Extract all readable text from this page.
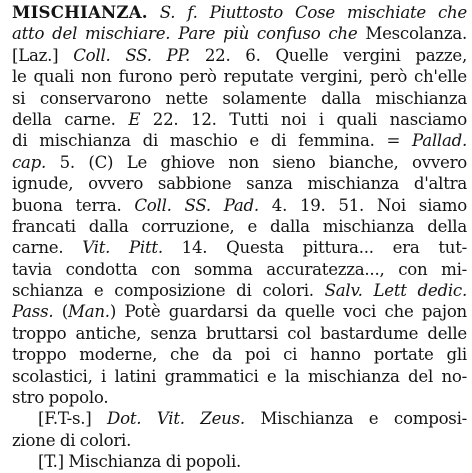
MISCHIANZA. S. f. Piuttosto Cose mischiate che
atto del mischiare. Pare più confuso che Mescolanza.
[Laz.] Coll. SS. PP. 22. 6. Quelle vergini pazze,
le quali non furono però reputate vergini, però ch'elle
si conservarono nette solamente dalla mischianza
della carne. E 22. 12. Tutti noi i quali nasciamo
di mischianza di maschio e di femmina. = Pallad.
cap. 5. (C) Le ghiove non sieno bianche, ovvero
ignude, ovvero sabbione sanza mischianza d'altra
buona terra. Coll. SS. Pad. 4. 19. 51. Noi siamo
francati dalla corruzione, e dalla mischianza della
carne. Vit. Pitt. 14. Questa pittura... era tut-
tavia condotta con somma accuratezza..., con mi-
schianza e composizione di colori. Salv. Lett dedic.
Pass. (Man.) Potè guardarsi da quelle voci che pajon
troppo antiche, senza bruttarsi col bastardume delle
troppo moderne, che da poi ci hanno portate gli
scolastici, i latini grammatici e la mischianza del no-
stro popolo.
[F.T-s.] Dot. Vit. Zeus. Mischianza e composi-
zione di colori.
[T.] Mischianza di popoli.
